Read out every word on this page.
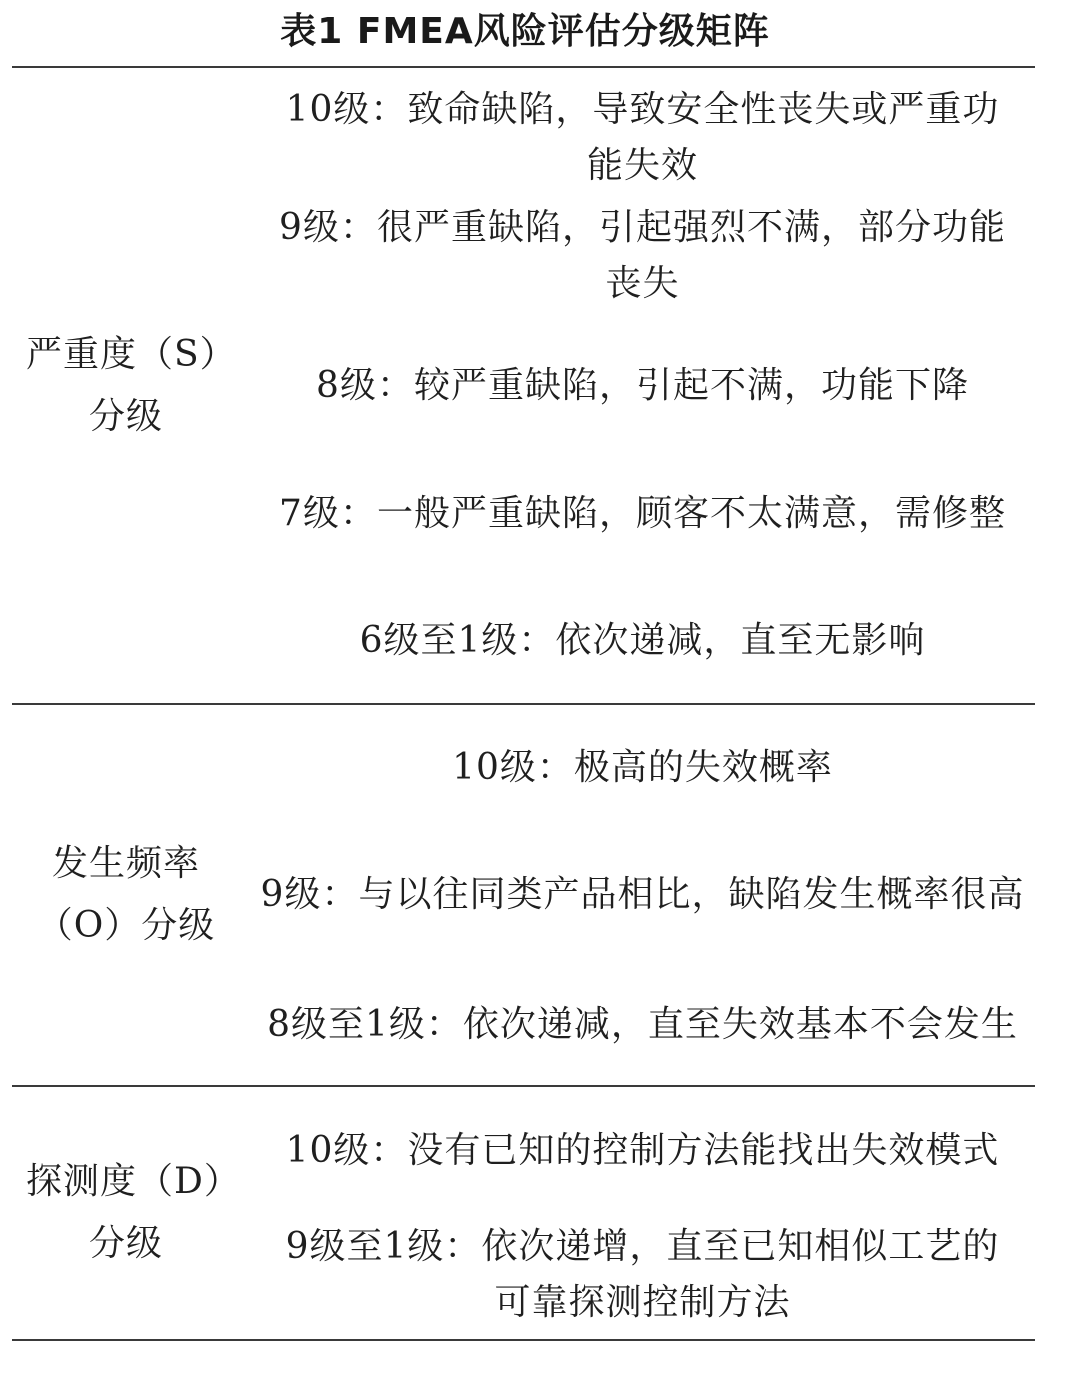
表1 FMEA风险评估分级矩阵
严重度（S）
分级
10级：致命缺陷，导致安全性丧失或严重功
能失效
9级：很严重缺陷，引起强烈不满，部分功能
丧失
8级：较严重缺陷，引起不满，功能下降
7级：一般严重缺陷，顾客不太满意，需修整
6级至1级：依次递减，直至无影响
发生频率
（O）分级
10级：极高的失效概率
9级：与以往同类产品相比，缺陷发生概率很高
8级至1级：依次递减，直至失效基本不会发生
探测度（D）
分级
10级：没有已知的控制方法能找出失效模式
9级至1级：依次递增，直至已知相似工艺的
可靠探测控制方法
